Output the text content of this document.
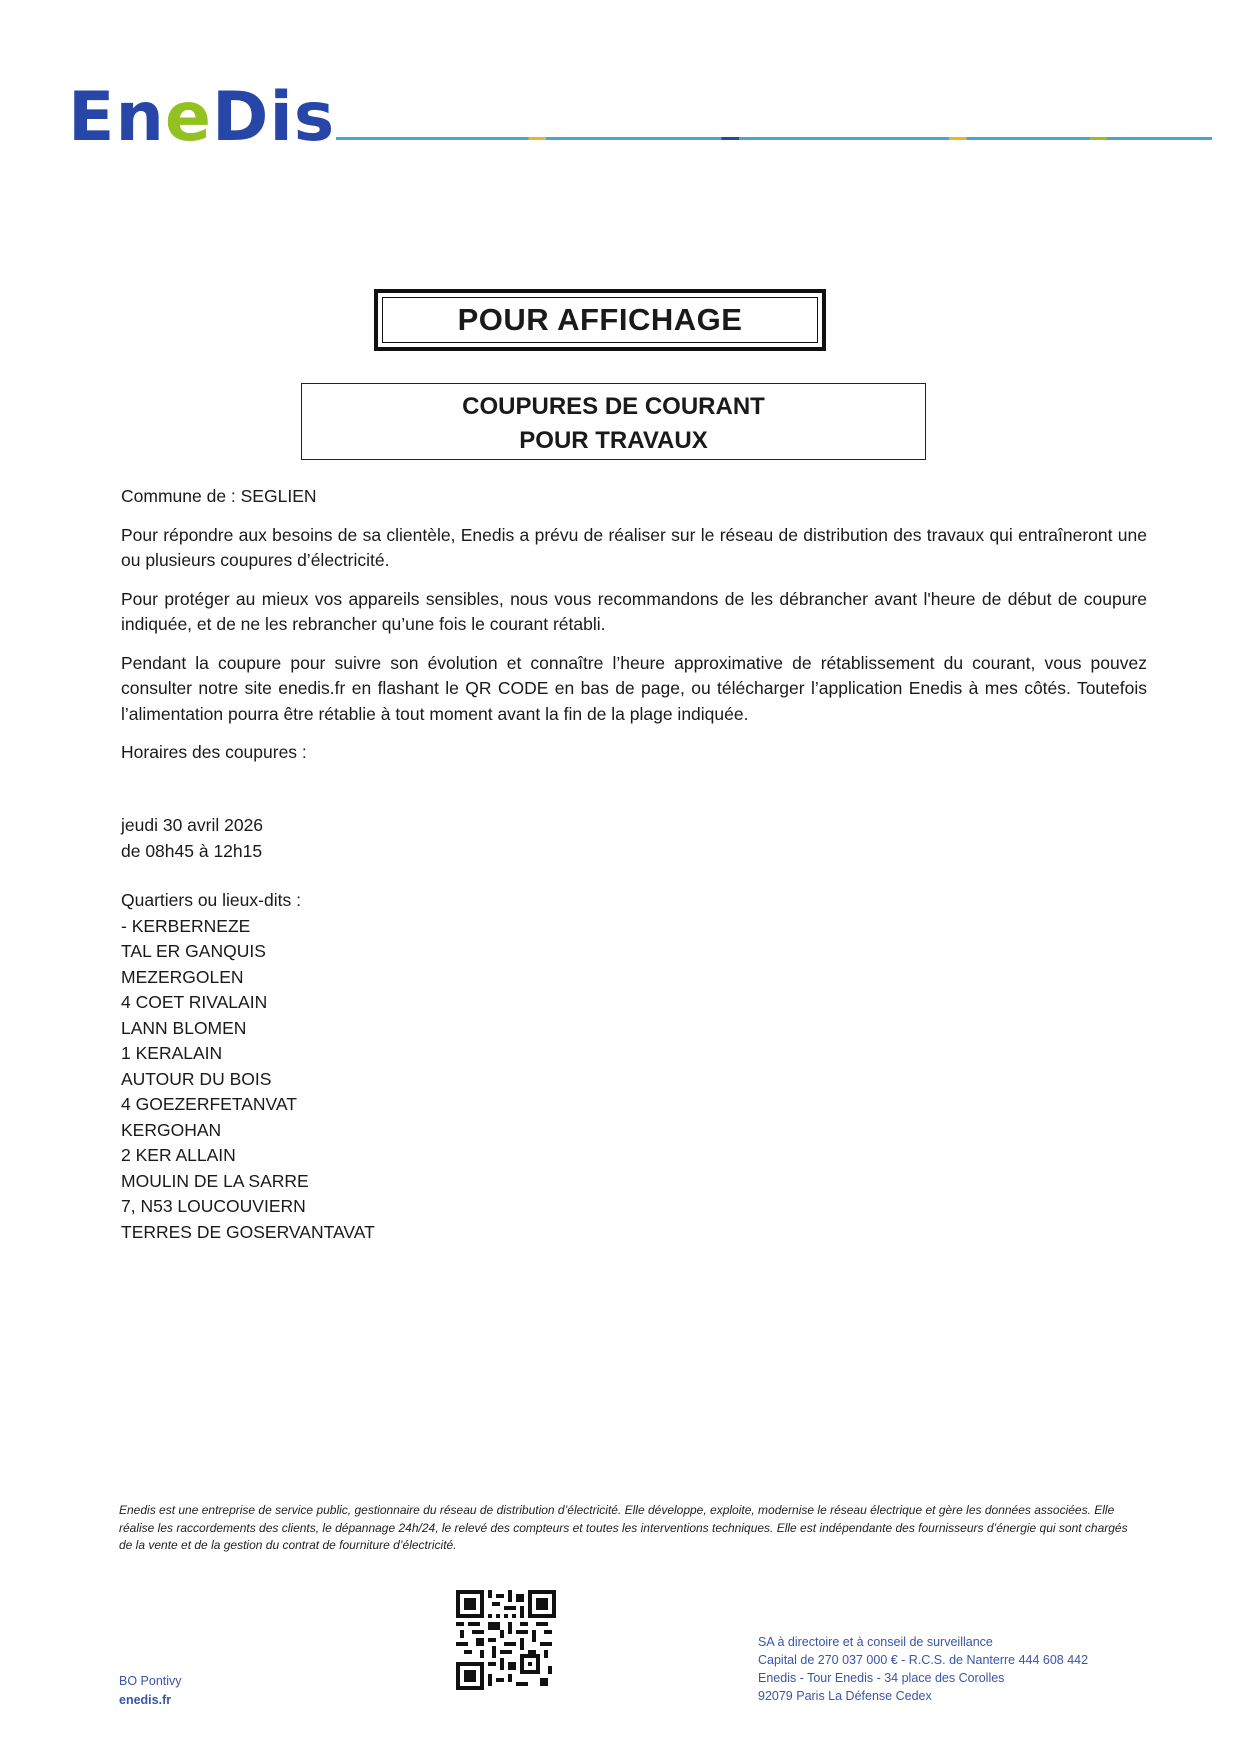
EneDis
POUR AFFICHAGE
COUPURES DE COURANT
POUR TRAVAUX

Commune de : SEGLIEN

Pour répondre aux besoins de sa clientèle, Enedis a prévu de réaliser sur le réseau de distribution des travaux qui entraîneront une ou plusieurs coupures d’électricité.

Pour protéger au mieux vos appareils sensibles, nous vous recommandons de les débrancher avant l'heure de début de coupure indiquée, et de ne les rebrancher qu’une fois le courant rétabli.

Pendant la coupure pour suivre son évolution et connaître l’heure approximative de rétablissement du courant, vous pouvez consulter notre site enedis.fr en flashant le QR CODE en bas de page, ou télécharger l’application Enedis à mes côtés. Toutefois l’alimentation pourra être rétablie à tout moment avant la fin de la plage indiquée.

Horaires des coupures :

jeudi 30 avril 2026
de 08h45 à 12h15
Quartiers ou lieux-dits :
- KERBERNEZE
TAL ER GANQUIS
MEZERGOLEN
4 COET RIVALAIN
LANN BLOMEN
1 KERALAIN
AUTOUR DU BOIS
4 GOEZERFETANVAT
KERGOHAN
2 KER ALLAIN
MOULIN DE LA SARRE
7, N53 LOUCOUVIERN
TERRES DE GOSERVANTAVAT
Enedis est une entreprise de service public, gestionnaire du réseau de distribution d’électricité. Elle développe, exploite, modernise le réseau électrique et gère les données associées. Elle réalise les raccordements des clients, le dépannage 24h/24, le relevé des compteurs et toutes les interventions techniques. Elle est indépendante des fournisseurs d’énergie qui sont chargés de la vente et de la gestion du contrat de fourniture d’électricité.
BO Pontivy
enedis.fr
SA à directoire et à conseil de surveillance
Capital de 270 037 000 € - R.C.S. de Nanterre 444 608 442
Enedis - Tour Enedis - 34 place des Corolles
92079 Paris La Défense Cedex
